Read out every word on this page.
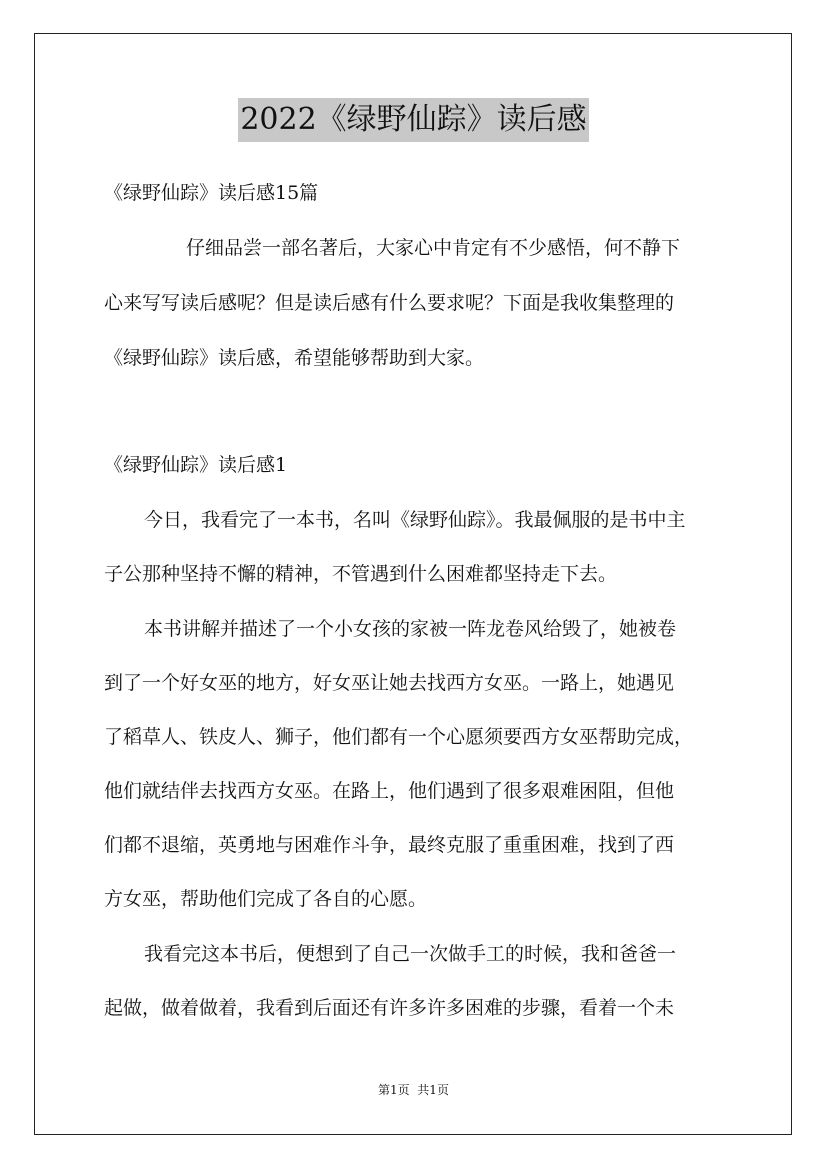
2022《绿野仙踪》读后感
《绿野仙踪》读后感15篇
仔细品尝一部名著后，大家心中肯定有不少感悟，何不静下
心来写写读后感呢？但是读后感有什么要求呢？下面是我收集整理的
《绿野仙踪》读后感，希望能够帮助到大家。
《绿野仙踪》读后感1
今日，我看完了一本书，名叫《绿野仙踪》。我最佩服的是书中主
子公那种坚持不懈的精神，不管遇到什么困难都坚持走下去。
本书讲解并描述了一个小女孩的家被一阵龙卷风给毁了，她被卷
到了一个好女巫的地方，好女巫让她去找西方女巫。一路上，她遇见
了稻草人、铁皮人、狮子，他们都有一个心愿须要西方女巫帮助完成，
他们就结伴去找西方女巫。在路上，他们遇到了很多艰难困阻，但他
们都不退缩，英勇地与困难作斗争，最终克服了重重困难，找到了西
方女巫，帮助他们完成了各自的心愿。
我看完这本书后，便想到了自己一次做手工的时候，我和爸爸一
起做，做着做着，我看到后面还有许多许多困难的步骤，看着一个未
第1页  共1页
